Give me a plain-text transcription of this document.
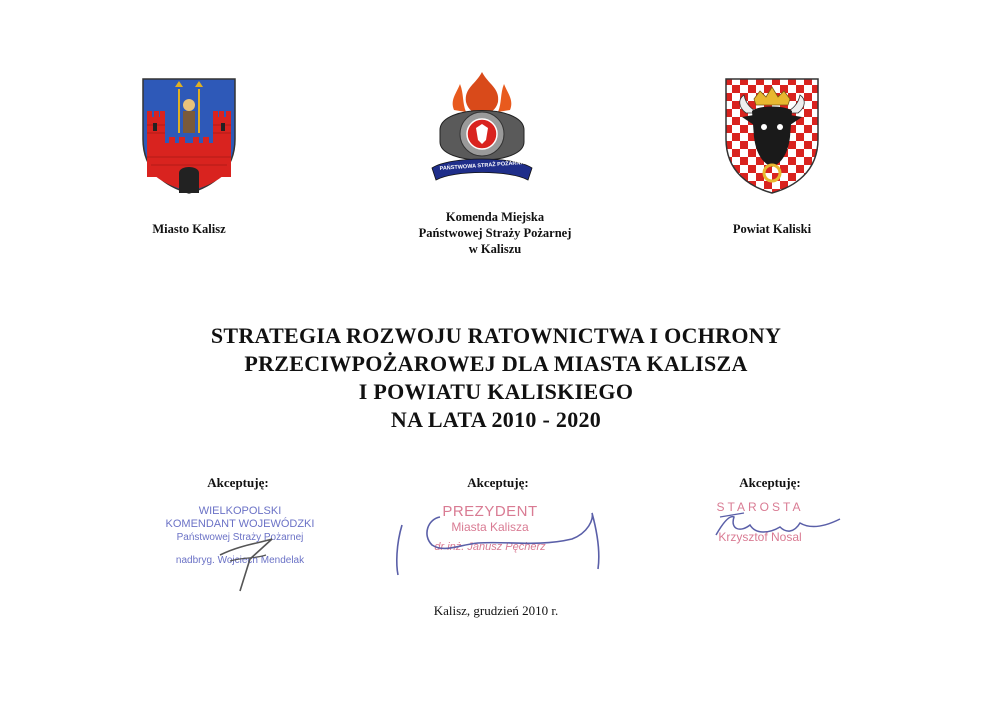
Miasto Kalisz
PAŃSTWOWA STRAŻ POŻARNA
Komenda Miejska
Państwowej Straży Pożarnej
w Kaliszu
Powiat Kaliski
STRATEGIA ROZWOJU RATOWNICTWA I OCHRONY
PRZECIWPOŻAROWEJ DLA MIASTA KALISZA
I POWIATU KALISKIEGO
NA LATA 2010 - 2020
Akceptuję:	Akceptuję:	Akceptuję:
WIELKOPOLSKI
KOMENDANT WOJEWÓDZKI
Państwowej Straży Pożarnej
nadbryg. Wojciech Mendelak
PREZYDENT
Miasta Kalisza
dr inż. Janusz Pęcherz
STAROSTA
Krzysztof Nosal
Kalisz, grudzień 2010 r.
